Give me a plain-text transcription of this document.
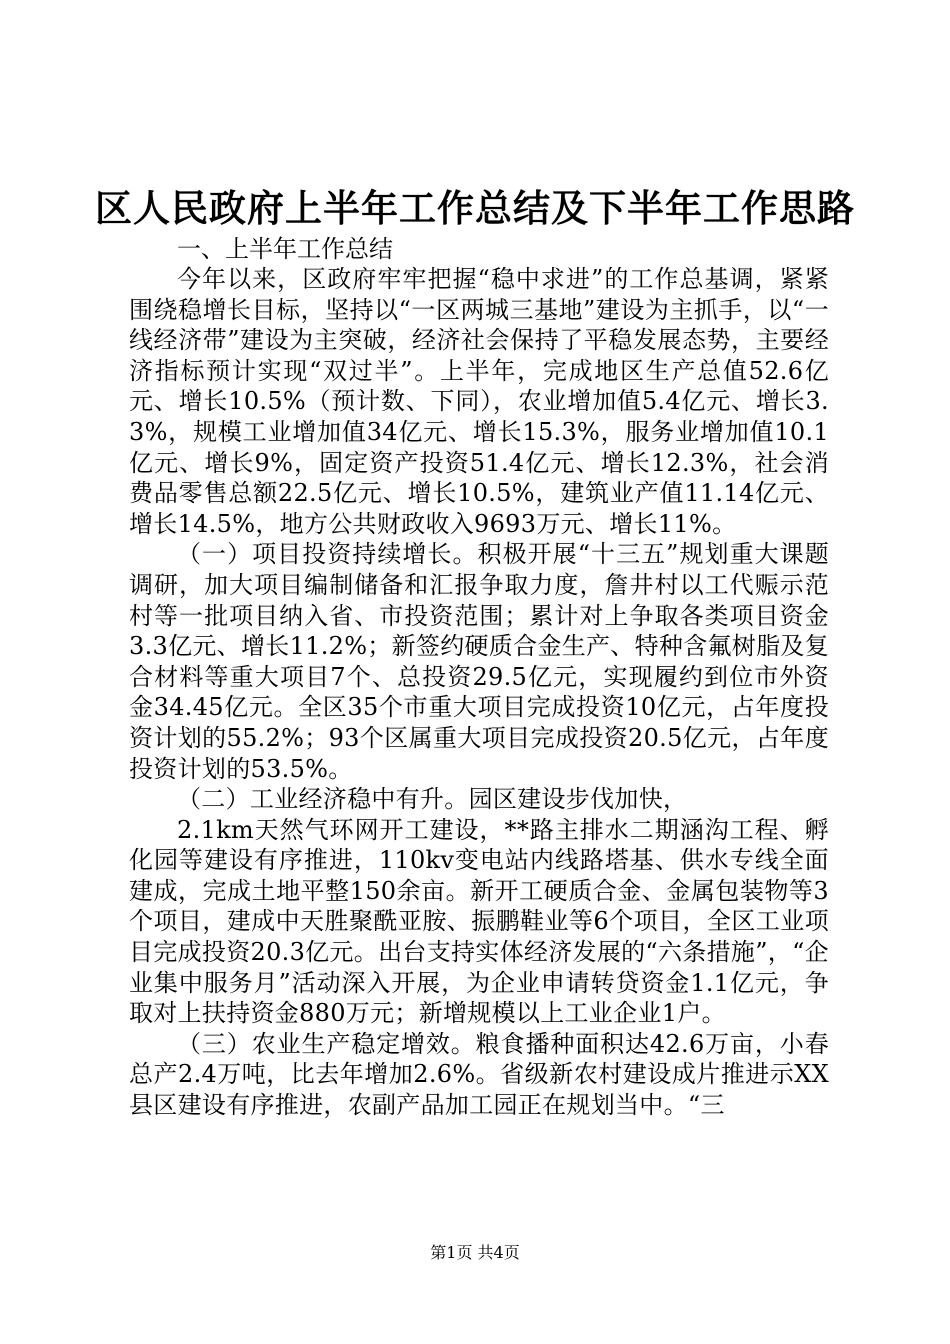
区人民政府上半年工作总结及下半年工作思路

一、上半年工作总结

今年以来，区政府牢牢把握“稳中求进”的工作总基调，紧紧围绕稳增长目标，坚持以“一区两城三基地”建设为主抓手，以“一线经济带”建设为主突破，经济社会保持了平稳发展态势，主要经济指标预计实现“双过半”。上半年，完成地区生产总值52.6亿元、增长10.5%（预计数、下同），农业增加值5.4亿元、增长3.3%，规模工业增加值34亿元、增长15.3%，服务业增加值10.1亿元、增长9%，固定资产投资51.4亿元、增长12.3%，社会消费品零售总额22.5亿元、增长10.5%，建筑业产值11.14亿元、增长14.5%，地方公共财政收入9693万元、增长11%。

（一）项目投资持续增长。积极开展“十三五”规划重大课题调研，加大项目编制储备和汇报争取力度，詹井村以工代赈示范村等一批项目纳入省、市投资范围；累计对上争取各类项目资金3.3亿元、增长11.2%；新签约硬质合金生产、特种含氟树脂及复合材料等重大项目7个、总投资29.5亿元，实现履约到位市外资金34.45亿元。全区35个市重大项目完成投资10亿元，占年度投资计划的55.2%；93个区属重大项目完成投资20.5亿元，占年度投资计划的53.5%。

（二）工业经济稳中有升。园区建设步伐加快，

2.1km天然气环网开工建设，**路主排水二期涵沟工程、孵化园等建设有序推进，110kv变电站内线路塔基、供水专线全面建成，完成土地平整150余亩。新开工硬质合金、金属包装物等3个项目，建成中天胜聚酰亚胺、振鹏鞋业等6个项目，全区工业项目完成投资20.3亿元。出台支持实体经济发展的“六条措施”，“企业集中服务月”活动深入开展，为企业申请转贷资金1.1亿元，争取对上扶持资金880万元；新增规模以上工业企业1户。

（三）农业生产稳定增效。粮食播种面积达42.6万亩，小春总产2.4万吨，比去年增加2.6%。省级新农村建设成片推进示XX县区建设有序推进，农副产品加工园正在规划当中。“三

第1页 共4页
